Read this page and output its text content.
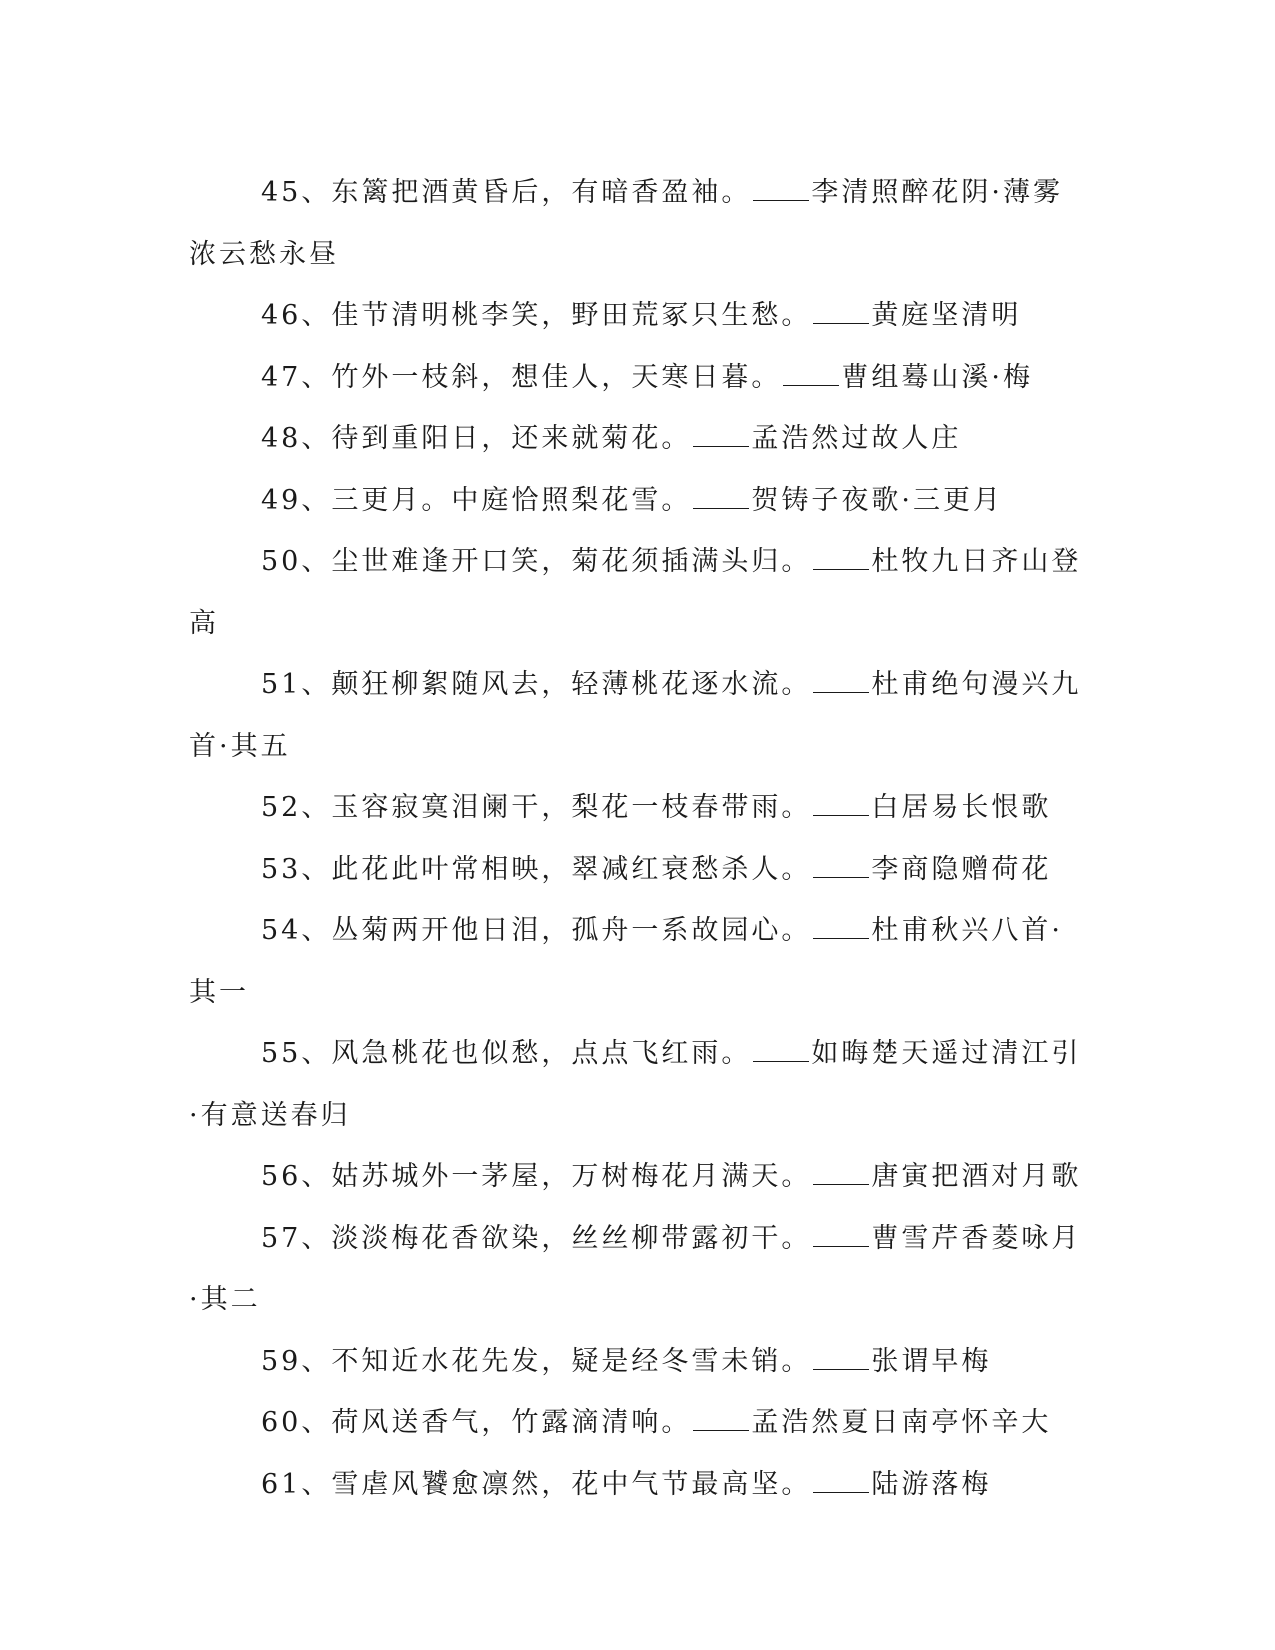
45、东篱把酒黄昏后，有暗香盈袖。 李清照醉花阴·薄雾浓云愁永昼

46、佳节清明桃李笑，野田荒冢只生愁。 黄庭坚清明

47、竹外一枝斜，想佳人，天寒日暮。 曹组蓦山溪·梅

48、待到重阳日，还来就菊花。 孟浩然过故人庄

49、三更月。中庭恰照梨花雪。 贺铸子夜歌·三更月

50、尘世难逢开口笑，菊花须插满头归。 杜牧九日齐山登高

51、颠狂柳絮随风去，轻薄桃花逐水流。 杜甫绝句漫兴九首·其五

52、玉容寂寞泪阑干，梨花一枝春带雨。 白居易长恨歌

53、此花此叶常相映，翠减红衰愁杀人。 李商隐赠荷花

54、丛菊两开他日泪，孤舟一系故园心。 杜甫秋兴八首·其一

55、风急桃花也似愁，点点飞红雨。 如晦楚天遥过清江引·有意送春归

56、姑苏城外一茅屋，万树梅花月满天。 唐寅把酒对月歌

57、淡淡梅花香欲染，丝丝柳带露初干。 曹雪芹香菱咏月·其二

59、不知近水花先发，疑是经冬雪未销。 张谓早梅

60、荷风送香气，竹露滴清响。 孟浩然夏日南亭怀辛大

61、雪虐风饕愈凛然，花中气节最高坚。 陆游落梅
